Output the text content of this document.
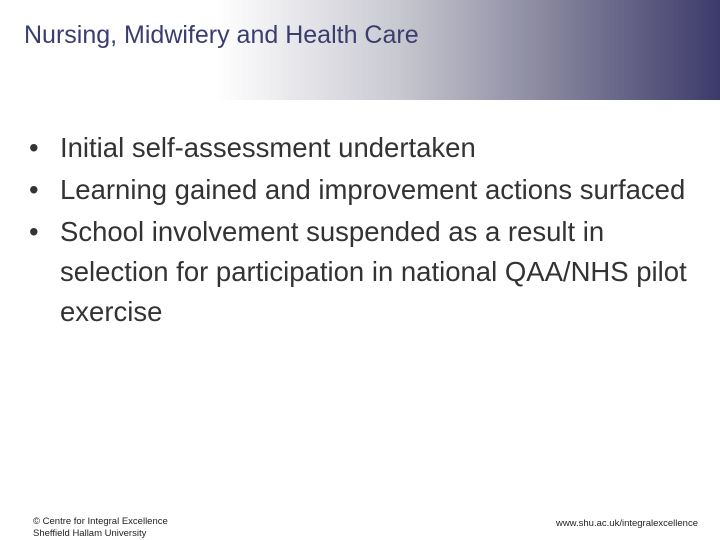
Nursing, Midwifery and Health Care
• Initial self-assessment undertaken
• Learning gained and improvement actions surfaced
• School involvement suspended as a result in selection for participation in national QAA/NHS pilot exercise
© Centre for Integral Excellence
Sheffield Hallam University
www.shu.ac.uk/integralexcellence
